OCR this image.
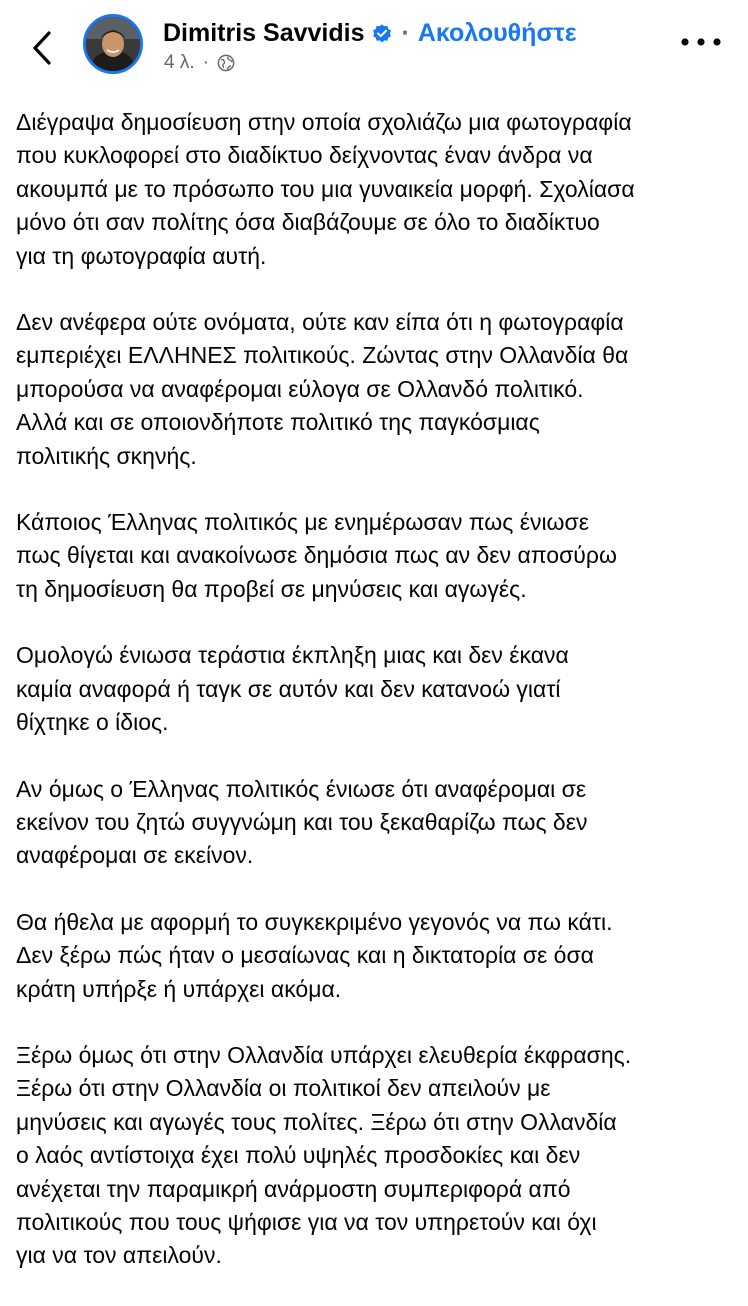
Dimitris Savvidis · Ακολουθήστε
4 λ. ·

Διέγραψα δημοσίευση στην οποία σχολιάζω μια φωτογραφία
που κυκλοφορεί στο διαδίκτυο δείχνοντας έναν άνδρα να
ακουμπά με το πρόσωπο του μια γυναικεία μορφή. Σχολίασα
μόνο ότι σαν πολίτης όσα διαβάζουμε σε όλο το διαδίκτυο
για τη φωτογραφία αυτή.

Δεν ανέφερα ούτε ονόματα, ούτε καν είπα ότι η φωτογραφία
εμπεριέχει ΕΛΛΗΝΕΣ πολιτικούς. Ζώντας στην Ολλανδία θα
μπορούσα να αναφέρομαι εύλογα σε Ολλανδό πολιτικό.
Αλλά και σε οποιονδήποτε πολιτικό της παγκόσμιας
πολιτικής σκηνής.

Κάποιος Έλληνας πολιτικός με ενημέρωσαν πως ένιωσε
πως θίγεται και ανακοίνωσε δημόσια πως αν δεν αποσύρω
τη δημοσίευση θα προβεί σε μηνύσεις και αγωγές.

Ομολογώ ένιωσα τεράστια έκπληξη μιας και δεν έκανα
καμία αναφορά ή ταγκ σε αυτόν και δεν κατανοώ γιατί
θίχτηκε ο ίδιος.

Αν όμως ο Έλληνας πολιτικός ένιωσε ότι αναφέρομαι σε
εκείνον του ζητώ συγγνώμη και του ξεκαθαρίζω πως δεν
αναφέρομαι σε εκείνον.

Θα ήθελα με αφορμή το συγκεκριμένο γεγονός να πω κάτι.
Δεν ξέρω πώς ήταν ο μεσαίωνας και η δικτατορία σε όσα
κράτη υπήρξε ή υπάρχει ακόμα.

Ξέρω όμως ότι στην Ολλανδία υπάρχει ελευθερία έκφρασης.
Ξέρω ότι στην Ολλανδία οι πολιτικοί δεν απειλούν με
μηνύσεις και αγωγές τους πολίτες. Ξέρω ότι στην Ολλανδία
ο λαός αντίστοιχα έχει πολύ υψηλές προσδοκίες και δεν
ανέχεται την παραμικρή ανάρμοστη συμπεριφορά από
πολιτικούς που τους ψήφισε για να τον υπηρετούν και όχι
για να τον απειλούν.
